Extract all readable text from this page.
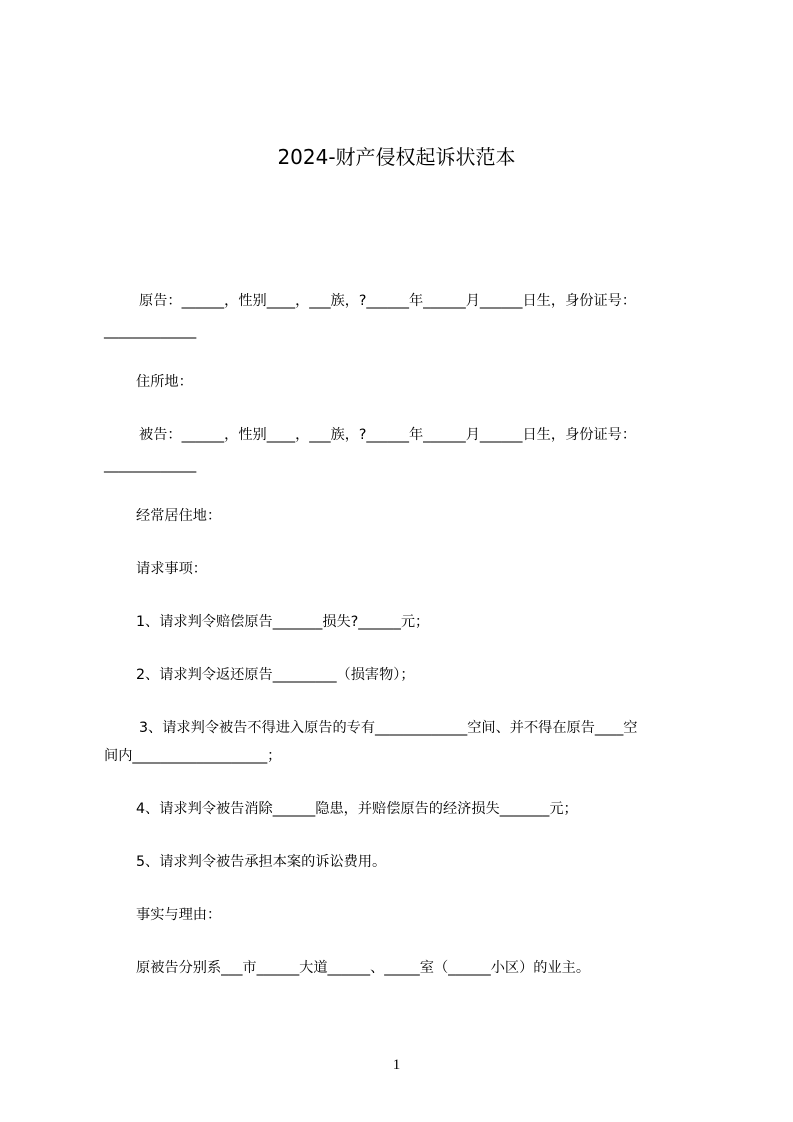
2024-财产侵权起诉状范本
原告：______，性别____，___族，?______年______月______日生，身份证号：
_____________
住所地：
被告：______，性别____，___族，?______年______月______日生，身份证号：
_____________
经常居住地：
请求事项：
1、请求判令赔偿原告_______损失?______元；
2、请求判令返还原告_________（损害物）；
3、请求判令被告不得进入原告的专有_____________空间、并不得在原告____空
间内___________________；
4、请求判令被告消除______隐患，并赔偿原告的经济损失_______元；
5、请求判令被告承担本案的诉讼费用。
事实与理由：
原被告分别系___市______大道______、_____室（______小区）的业主。
1
